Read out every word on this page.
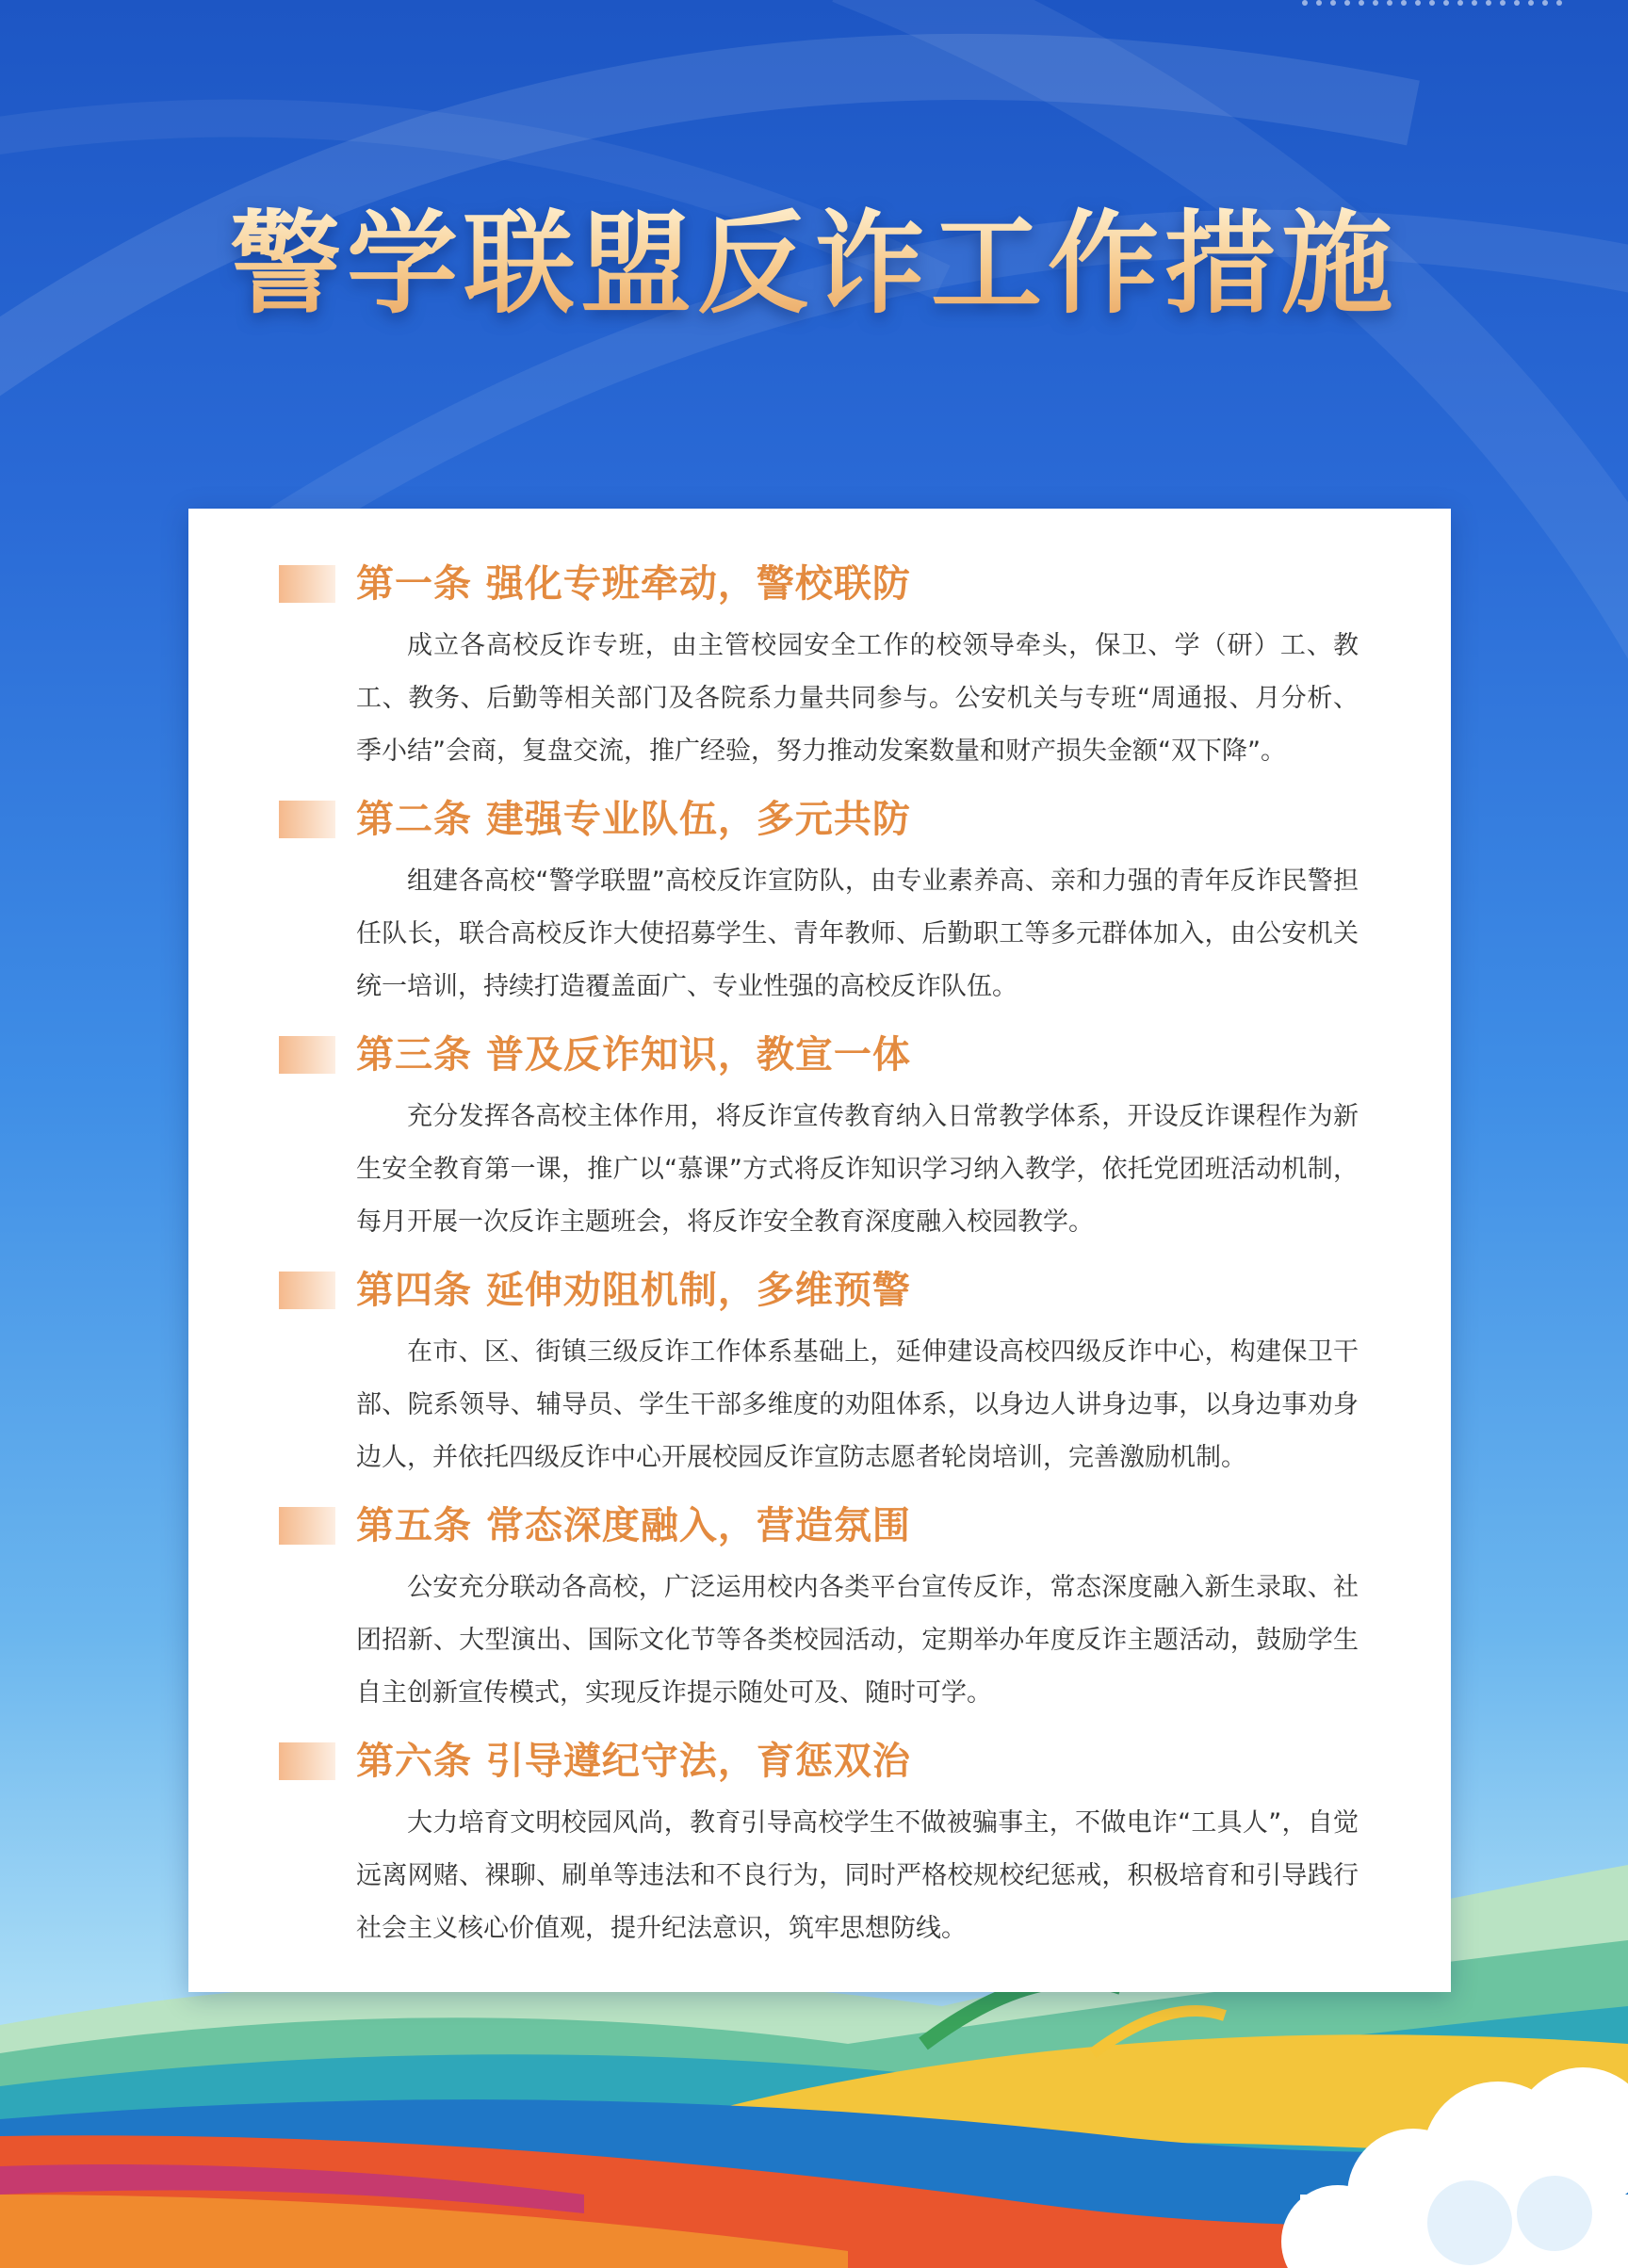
警学联盟反诈工作措施
第一条 强化专班牵动，警校联防
成立各高校反诈专班，由主管校园安全工作的校领导牵头，保卫、学（研）工、教工、教务、后勤等相关部门及各院系力量共同参与。公安机关与专班“周通报、月分析、季小结”会商，复盘交流，推广经验，努力推动发案数量和财产损失金额“双下降”。
第二条 建强专业队伍，多元共防
组建各高校“警学联盟”高校反诈宣防队，由专业素养高、亲和力强的青年反诈民警担任队长，联合高校反诈大使招募学生、青年教师、后勤职工等多元群体加入，由公安机关统一培训，持续打造覆盖面广、专业性强的高校反诈队伍。
第三条 普及反诈知识，教宣一体
充分发挥各高校主体作用，将反诈宣传教育纳入日常教学体系，开设反诈课程作为新生安全教育第一课，推广以“慕课”方式将反诈知识学习纳入教学，依托党团班活动机制，每月开展一次反诈主题班会，将反诈安全教育深度融入校园教学。
第四条 延伸劝阻机制，多维预警
在市、区、街镇三级反诈工作体系基础上，延伸建设高校四级反诈中心，构建保卫干部、院系领导、辅导员、学生干部多维度的劝阻体系，以身边人讲身边事，以身边事劝身边人，并依托四级反诈中心开展校园反诈宣防志愿者轮岗培训，完善激励机制。
第五条 常态深度融入，营造氛围
公安充分联动各高校，广泛运用校内各类平台宣传反诈，常态深度融入新生录取、社团招新、大型演出、国际文化节等各类校园活动，定期举办年度反诈主题活动，鼓励学生自主创新宣传模式，实现反诈提示随处可及、随时可学。
第六条 引导遵纪守法，育惩双治
大力培育文明校园风尚，教育引导高校学生不做被骗事主，不做电诈“工具人”，自觉远离网赌、裸聊、刷单等违法和不良行为，同时严格校规校纪惩戒，积极培育和引导践行社会主义核心价值观，提升纪法意识，筑牢思想防线。
